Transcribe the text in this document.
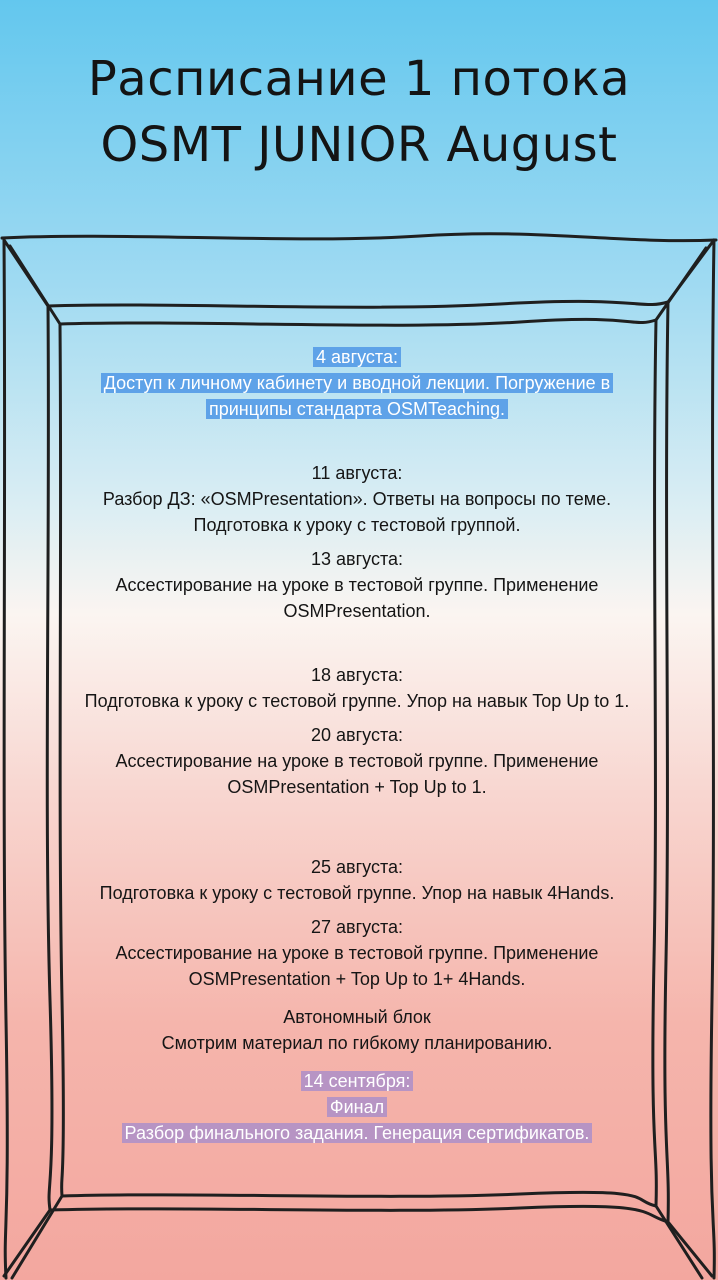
Расписание 1 потока
OSMT JUNIOR August
4 августа:
Доступ к личному кабинету и вводной лекции. Погружение в принципы стандарта OSMTeaching.
11 августа:
Разбор ДЗ: «OSMPresentation». Ответы на вопросы по теме. Подготовка к уроку с тестовой группой.
13 августа:
Ассестирование на уроке в тестовой группе. Применение OSMPresentation.
18 августа:
Подготовка к уроку с тестовой группе. Упор на навык Top Up to 1.
20 августа:
Ассестирование на уроке в тестовой группе. Применение OSMPresentation + Top Up to 1.
25 августа:
Подготовка к уроку с тестовой группе. Упор на навык 4Hands.
27 августа:
Ассестирование на уроке в тестовой группе. Применение OSMPresentation + Top Up to 1+ 4Hands.
Автономный блок
Смотрим материал по гибкому планированию.
14 сентября:
Финал
Разбор финального задания. Генерация сертификатов.
